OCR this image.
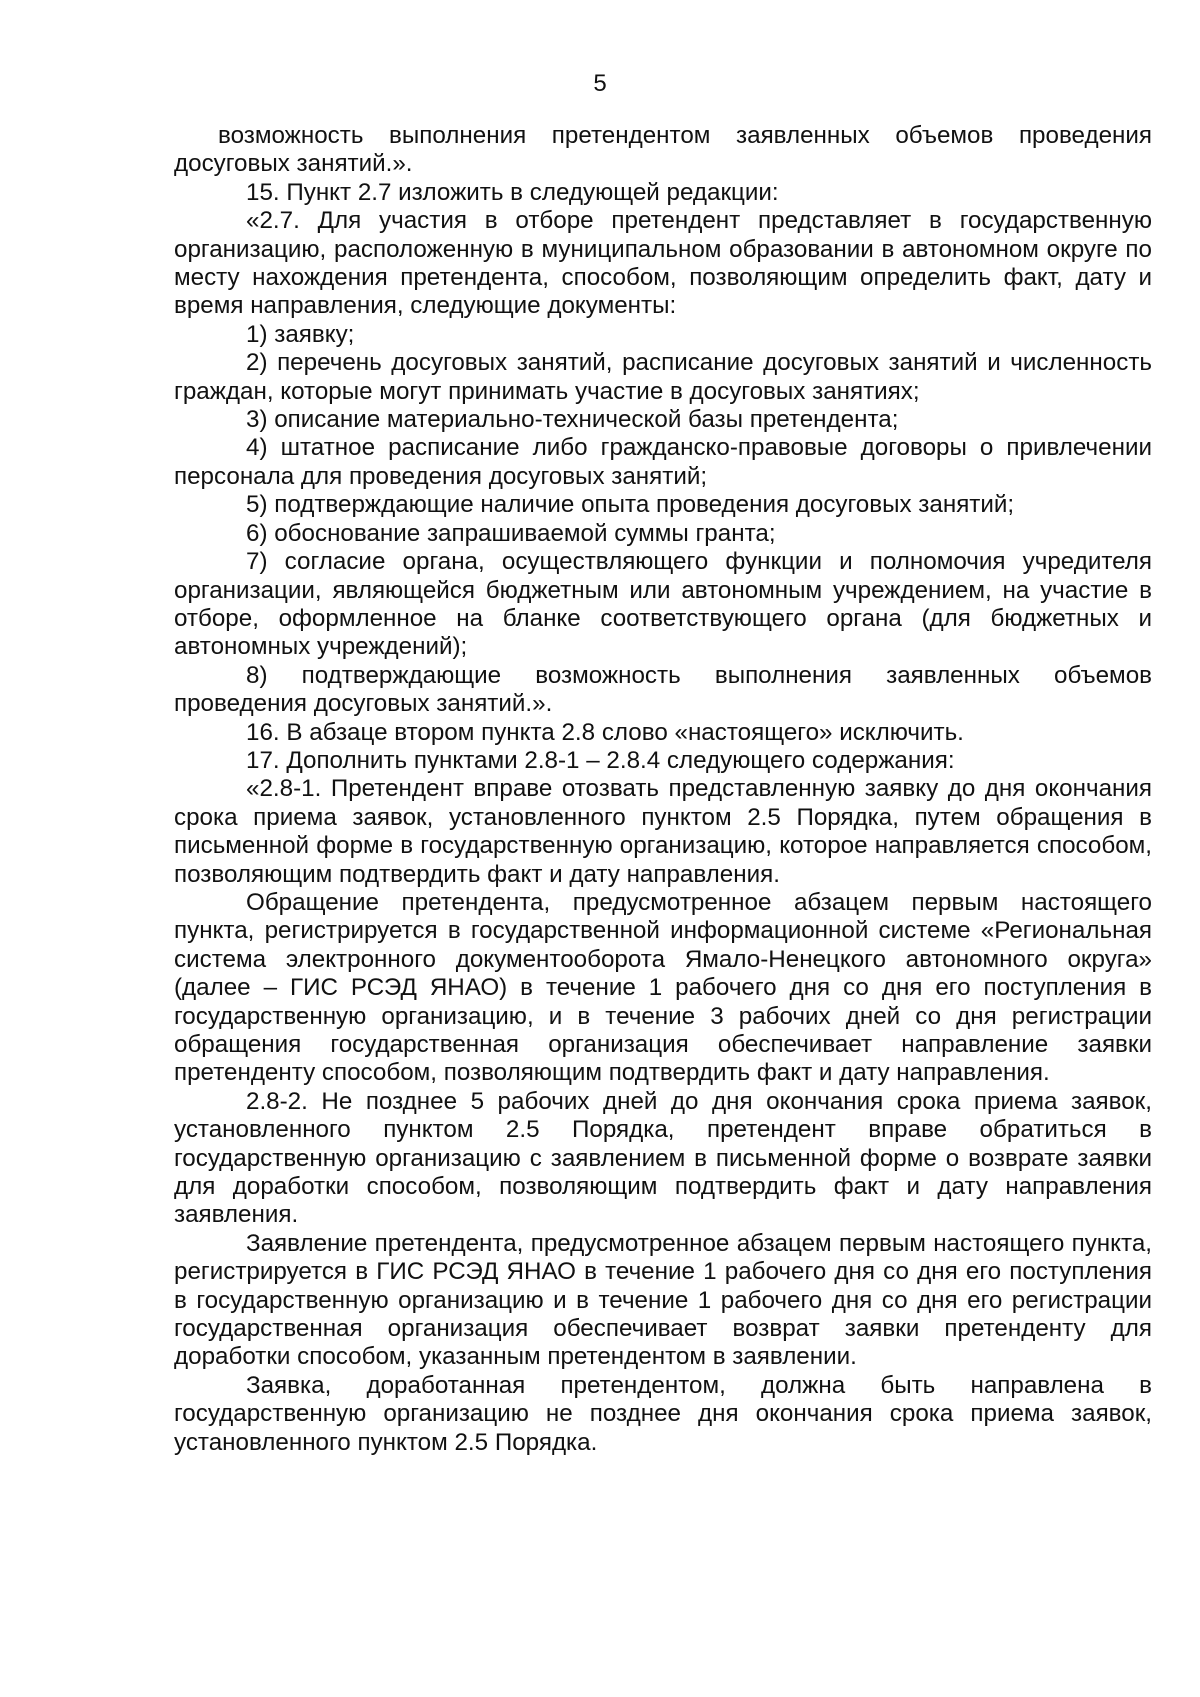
5

возможность выполнения претендентом заявленных объемов проведения досуговых занятий.».

15. Пункт 2.7 изложить в следующей редакции:

«2.7. Для участия в отборе претендент представляет в государственную организацию, расположенную в муниципальном образовании в автономном округе по месту нахождения претендента, способом, позволяющим определить факт, дату и время направления, следующие документы:

1) заявку;

2) перечень досуговых занятий, расписание досуговых занятий и численность граждан, которые могут принимать участие в досуговых занятиях;

3) описание материально-технической базы претендента;

4) штатное расписание либо гражданско-правовые договоры о привлечении персонала для проведения досуговых занятий;

5) подтверждающие наличие опыта проведения досуговых занятий;

6) обоснование запрашиваемой суммы гранта;

7) согласие органа, осуществляющего функции и полномочия учредителя организации, являющейся бюджетным или автономным учреждением, на участие в отборе, оформленное на бланке соответствующего органа (для бюджетных и автономных учреждений);

8) подтверждающие возможность выполнения заявленных объемов проведения досуговых занятий.».

16. В абзаце втором пункта 2.8 слово «настоящего» исключить.

17. Дополнить пунктами 2.8-1 – 2.8.4 следующего содержания:

«2.8-1. Претендент вправе отозвать представленную заявку до дня окончания срока приема заявок, установленного пунктом 2.5 Порядка, путем обращения в письменной форме в государственную организацию, которое направляется способом, позволяющим подтвердить факт и дату направления.

Обращение претендента, предусмотренное абзацем первым настоящего пункта, регистрируется в государственной информационной системе «Региональная система электронного документооборота Ямало-Ненецкого автономного округа» (далее – ГИС РСЭД ЯНАО) в течение 1 рабочего дня со дня его поступления в государственную организацию, и в течение 3 рабочих дней со дня регистрации обращения государственная организация обеспечивает направление заявки претенденту способом, позволяющим подтвердить факт и дату направления.

2.8-2. Не позднее 5 рабочих дней до дня окончания срока приема заявок, установленного пунктом 2.5 Порядка, претендент вправе обратиться в государственную организацию с заявлением в письменной форме о возврате заявки для доработки способом, позволяющим подтвердить факт и дату направления заявления.

Заявление претендента, предусмотренное абзацем первым настоящего пункта, регистрируется в ГИС РСЭД ЯНАО в течение 1 рабочего дня со дня его поступления в государственную организацию и в течение 1 рабочего дня со дня его регистрации государственная организация обеспечивает возврат заявки претенденту для доработки способом, указанным претендентом в заявлении.

Заявка, доработанная претендентом, должна быть направлена в государственную организацию не позднее дня окончания срока приема заявок, установленного пунктом 2.5 Порядка.
